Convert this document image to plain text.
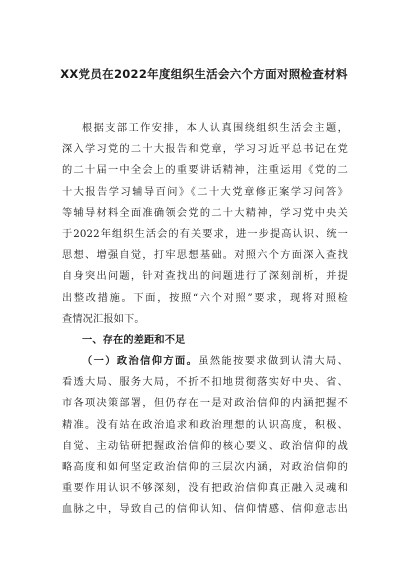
XX党员在2022年度组织生活会六个方面对照检查材料
根据支部工作安排，本人认真围绕组织生活会主题，
深入学习党的二十大报告和党章，学习习近平总书记在党
的二十届一中全会上的重要讲话精神，注重运用《党的二
十大报告学习辅导百问》《二十大党章修正案学习问答》
等辅导材料全面准确领会党的二十大精神，学习党中央关
于2022年组织生活会的有关要求，进一步提高认识、统一
思想、增强自觉，打牢思想基础。对照六个方面深入查找
自身突出问题，针对查找出的问题进行了深刻剖析，并提
出整改措施。下面，按照“六个对照”要求，现将对照检
查情况汇报如下。
一、存在的差距和不足
（一）政治信仰方面。虽然能按要求做到认清大局、
看透大局、服务大局，不折不扣地贯彻落实好中央、省、
市各项决策部署，但仍存在一是对政治信仰的内涵把握不
精准。没有站在政治追求和政治理想的认识高度，积极、
自觉、主动钻研把握政治信仰的核心要义、政治信仰的战
略高度和如何坚定政治信仰的三层次内涵，对政治信仰的
重要作用认识不够深刻，没有把政治信仰真正融入灵魂和
血脉之中，导致自己的信仰认知、信仰情感、信仰意志出
